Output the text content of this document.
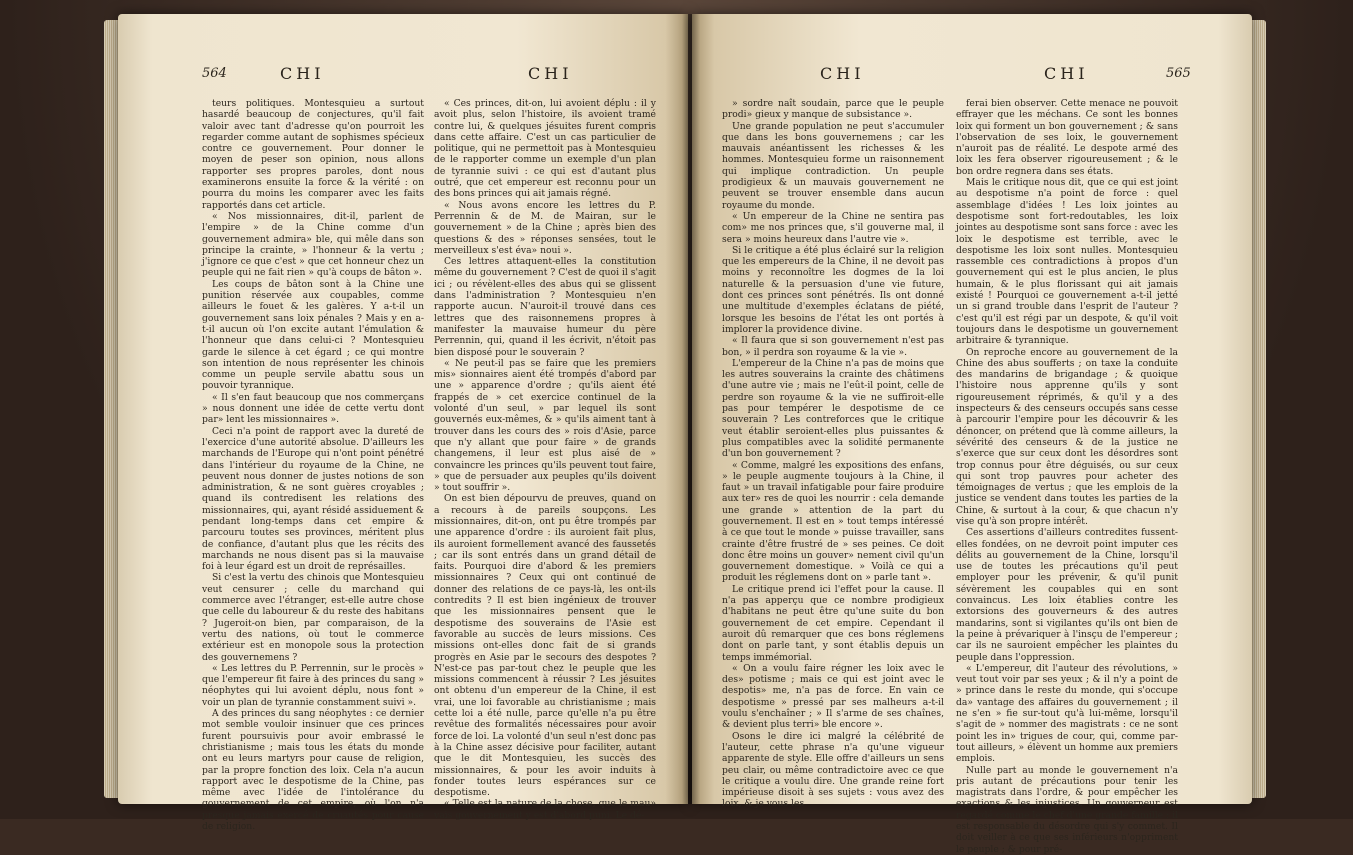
564	CHI	CHI

teurs politiques. Montesquieu a surtout hasardé beaucoup de conjectures, qu'il fait valoir avec tant d'adresse qu'on pourroit les regarder comme autant de sophismes spécieux contre ce gouvernement. Pour donner le moyen de peser son opinion, nous allons rapporter ses propres paroles, dont nous examinerons ensuite la force & la vérité : on pourra du moins les comparer avec les faits rapportés dans cet article.

« Nos missionnaires, dit-il, parlent de l'empire » de la Chine comme d'un gouvernement admira» ble, qui mêle dans son principe la crainte, » l'honneur & la vertu ; j'ignore ce que c'est » que cet honneur chez un peuple qui ne fait rien » qu'à coups de bâton ».

Les coups de bâton sont à la Chine une punition réservée aux coupables, comme ailleurs le fouet & les galères. Y a-t-il un gouvernement sans loix pénales ? Mais y en a-t-il aucun où l'on excite autant l'émulation & l'honneur que dans celui-ci ? Montesquieu garde le silence à cet égard ; ce qui montre son intention de nous représenter les chinois comme un peuple servile abattu sous un pouvoir tyrannique.

« Il s'en faut beaucoup que nos commerçans » nous donnent une idée de cette vertu dont par» lent les missionnaires ».

Ceci n'a point de rapport avec la dureté de l'exercice d'une autorité absolue. D'ailleurs les marchands de l'Europe qui n'ont point pénétré dans l'intérieur du royaume de la Chine, ne peuvent nous donner de justes notions de son administration, & ne sont guères croyables ; quand ils contredisent les relations des missionnaires, qui, ayant résidé assiduement & pendant long-temps dans cet empire & parcouru toutes ses provinces, méritent plus de confiance, d'autant plus que les récits des marchands ne nous disent pas si la mauvaise foi à leur égard est un droit de représailles.

Si c'est la vertu des chinois que Montesquieu veut censurer ; celle du marchand qui commerce avec l'étranger, est-elle autre chose que celle du laboureur & du reste des habitans ? Jugeroit-on bien, par comparaison, de la vertu des nations, où tout le commerce extérieur est en monopole sous la protection des gouvernemens ?

« Les lettres du P. Perrennin, sur le procès » que l'empereur fit faire à des princes du sang » néophytes qui lui avoient déplu, nous font » voir un plan de tyrannie constamment suivi ».

A des princes du sang néophytes : ce dernier mot semble vouloir insinuer que ces princes furent poursuivis pour avoir embrassé le christianisme ; mais tous les états du monde ont eu leurs martyrs pour cause de religion, par la propre fonction des loix. Cela n'a aucun rapport avec le despotisme de la Chine, pas même avec l'idée de l'intolérance du gouvernement de cet empire, où l'on n'a presque jamais exercé de cruautés pour cause de religion.

« Ces princes, dit-on, lui avoient déplu : il y avoit plus, selon l'histoire, ils avoient tramé contre lui, & quelques jésuites furent compris dans cette affaire. C'est un cas particulier de politique, qui ne permettoit pas à Montesquieu de le rapporter comme un exemple d'un plan de tyrannie suivi : ce qui est d'autant plus outré, que cet empereur est reconnu pour un des bons princes qui ait jamais régné.

« Nous avons encore les lettres du P. Perrennin & de M. de Mairan, sur le gouvernement » de la Chine ; après bien des questions & des » réponses sensées, tout le merveilleux s'est éva» noui ».

Ces lettres attaquent-elles la constitution même du gouvernement ? C'est de quoi il s'agit ici ; ou révèlent-elles des abus qui se glissent dans l'administration ? Montesquieu n'en rapporte aucun. N'auroit-il trouvé dans ces lettres que des raisonnemens propres à manifester la mauvaise humeur du père Perrennin, qui, quand il les écrivit, n'étoit pas bien disposé pour le souverain ?

« Ne peut-il pas se faire que les premiers mis» sionnaires aient été trompés d'abord par une » apparence d'ordre ; qu'ils aient été frappés de » cet exercice continuel de la volonté d'un seul, » par lequel ils sont gouvernés eux-mêmes, & » qu'ils aiment tant à trouver dans les cours des » rois d'Asie, parce que n'y allant que pour faire » de grands changemens, il leur est plus aisé de » convaincre les princes qu'ils peuvent tout faire, » que de persuader aux peuples qu'ils doivent » tout souffrir ».

On est bien dépourvu de preuves, quand on a recours à de pareils soupçons. Les missionnaires, dit-on, ont pu être trompés par une apparence d'ordre : ils auroient fait plus, ils auroient formellement avancé des faussetés ; car ils sont entrés dans un grand détail de faits. Pourquoi dire d'abord & les premiers missionnaires ? Ceux qui ont continué de donner des relations de ce pays-là, les ont-ils contredits ? Il est bien ingénieux de trouver que les missionnaires pensent que le despotisme des souverains de l'Asie est favorable au succès de leurs missions. Ces missions ont-elles donc fait de si grands progrès en Asie par le secours des despotes ? N'est-ce pas par-tout chez le peuple que les missions commencent à réussir ? Les jésuites ont obtenu d'un empereur de la Chine, il est vrai, une loi favorable au christianisme ; mais cette loi a été nulle, parce qu'elle n'a pu être revêtue des formalités nécessaires pour avoir force de loi. La volonté d'un seul n'est donc pas à la Chine assez décisive pour faciliter, autant que le dit Montesquieu, les succès des missionnaires, & pour les avoir induits à fonder toutes leurs espérances sur ce despotisme.

« Telle est la nature de la chose, que le mau» vais gouvernement y est d'abord puni. Le dé-

CHI	CHI	565

» sordre naît soudain, parce que le peuple prodi» gieux y manque de subsistance ».

Une grande population ne peut s'accumuler que dans les bons gouvernemens ; car les mauvais anéantissent les richesses & les hommes. Montesquieu forme un raisonnement qui implique contradiction. Un peuple prodigieux & un mauvais gouvernement ne peuvent se trouver ensemble dans aucun royaume du monde.

« Un empereur de la Chine ne sentira pas com» me nos princes que, s'il gouverne mal, il sera » moins heureux dans l'autre vie ».

Si le critique a été plus éclairé sur la religion que les empereurs de la Chine, il ne devoit pas moins y reconnoître les dogmes de la loi naturelle & la persuasion d'une vie future, dont ces princes sont pénétrés. Ils ont donné une multitude d'exemples éclatans de piété, lorsque les besoins de l'état les ont portés à implorer la providence divine.

« Il faura que si son gouvernement n'est pas bon, » il perdra son royaume & la vie ».

L'empereur de la Chine n'a pas de moins que les autres souverains la crainte des châtimens d'une autre vie ; mais ne l'eût-il point, celle de perdre son royaume & la vie ne suffiroit-elle pas pour tempérer le despotisme de ce souverain ? Les contreforces que le critique veut établir seroient-elles plus puissantes & plus compatibles avec la solidité permanente d'un bon gouvernement ?

« Comme, malgré les expositions des enfans, » le peuple augmente toujours à la Chine, il faut » un travail infatigable pour faire produire aux ter» res de quoi les nourrir : cela demande une grande » attention de la part du gouvernement. Il est en » tout temps intéressé à ce que tout le monde » puisse travailler, sans crainte d'être frustré de » ses peines. Ce doit donc être moins un gouver» nement civil qu'un gouvernement domestique. » Voilà ce qui a produit les réglemens dont on » parle tant ».

Le critique prend ici l'effet pour la cause. Il n'a pas apperçu que ce nombre prodigieux d'habitans ne peut être qu'une suite du bon gouvernement de cet empire. Cependant il auroit dû remarquer que ces bons réglemens dont on parle tant, y sont établis depuis un temps immémorial.

« On a voulu faire régner les loix avec le des» potisme ; mais ce qui est joint avec le despotis» me, n'a pas de force. En vain ce despotisme » pressé par ses malheurs a-t-il voulu s'enchaîner ; » Il s'arme de ses chaînes, & devient plus terri» ble encore ».

Osons le dire ici malgré la célébrité de l'auteur, cette phrase n'a qu'une vigueur apparente de style. Elle offre d'ailleurs un sens peu clair, ou même contradictoire avec ce que le critique a voulu dire. Une grande reine fort impérieuse disoit à ses sujets : vous avez des loix, & je vous les

ferai bien observer. Cette menace ne pouvoit effrayer que les méchans. Ce sont les bonnes loix qui forment un bon gouvernement ; & sans l'observation de ses loix, le gouvernement n'auroit pas de réalité. Le despote armé des loix les fera observer rigoureusement ; & le bon ordre regnera dans ses états.

Mais le critique nous dit, que ce qui est joint au despotisme n'a point de force : quel assemblage d'idées ! Les loix jointes au despotisme sont fort-redoutables, les loix jointes au despotisme sont sans force : avec les loix le despotisme est terrible, avec le despotisme les loix sont nulles. Montesquieu rassemble ces contradictions à propos d'un gouvernement qui est le plus ancien, le plus humain, & le plus florissant qui ait jamais existé ! Pourquoi ce gouvernement a-t-il jetté un si grand trouble dans l'esprit de l'auteur ? c'est qu'il est régi par un despote, & qu'il voit toujours dans le despotisme un gouvernement arbitraire & tyrannique.

On reproche encore au gouvernement de la Chine des abus soufferts ; on taxe la conduite des mandarins de brigandage ; & quoique l'histoire nous apprenne qu'ils y sont rigoureusement réprimés, & qu'il y a des inspecteurs & des censeurs occupés sans cesse à parcourir l'empire pour les découvrir & les dénoncer, on prétend que là comme ailleurs, la sévérité des censeurs & de la justice ne s'exerce que sur ceux dont les désordres sont trop connus pour être déguisés, ou sur ceux qui sont trop pauvres pour acheter des témoignages de vertus ; que les emplois de la justice se vendent dans toutes les parties de la Chine, & surtout à la cour, & que chacun n'y vise qu'à son propre intérêt.

Ces assertions d'ailleurs contredites fussent-elles fondées, on ne devroit point imputer ces délits au gouvernement de la Chine, lorsqu'il use de toutes les précautions qu'il peut employer pour les prévenir, & qu'il punit sévèrement les coupables qui en sont convaincus. Les loix établies contre les extorsions des gouverneurs & des autres mandarins, sont si vigilantes qu'ils ont bien de la peine à prévariquer à l'insçu de l'empereur ; car ils ne sauroient empêcher les plaintes du peuple dans l'oppression.

« L'empereur, dit l'auteur des révolutions, » veut tout voir par ses yeux ; & il n'y a point de » prince dans le reste du monde, qui s'occupe da» vantage des affaires du gouvernement ; il ne s'en » fie sur-tout qu'à lui-même, lorsqu'il s'agit de » nommer des magistrats : ce ne sont point les in» trigues de cour, qui, comme par-tout ailleurs, » élèvent un homme aux premiers emplois.

Nulle part au monde le gouvernement n'a pris autant de précautions pour tenir les magistrats dans l'ordre, & pour empêcher les exactions & les injustices. Un gouverneur est regardé comme le chef d'une grande famille : il est responsable du désordre qui s'y commet. Il doit veiller à ce que ses inférieurs n'oppriment le peuple ; & pour pré-
